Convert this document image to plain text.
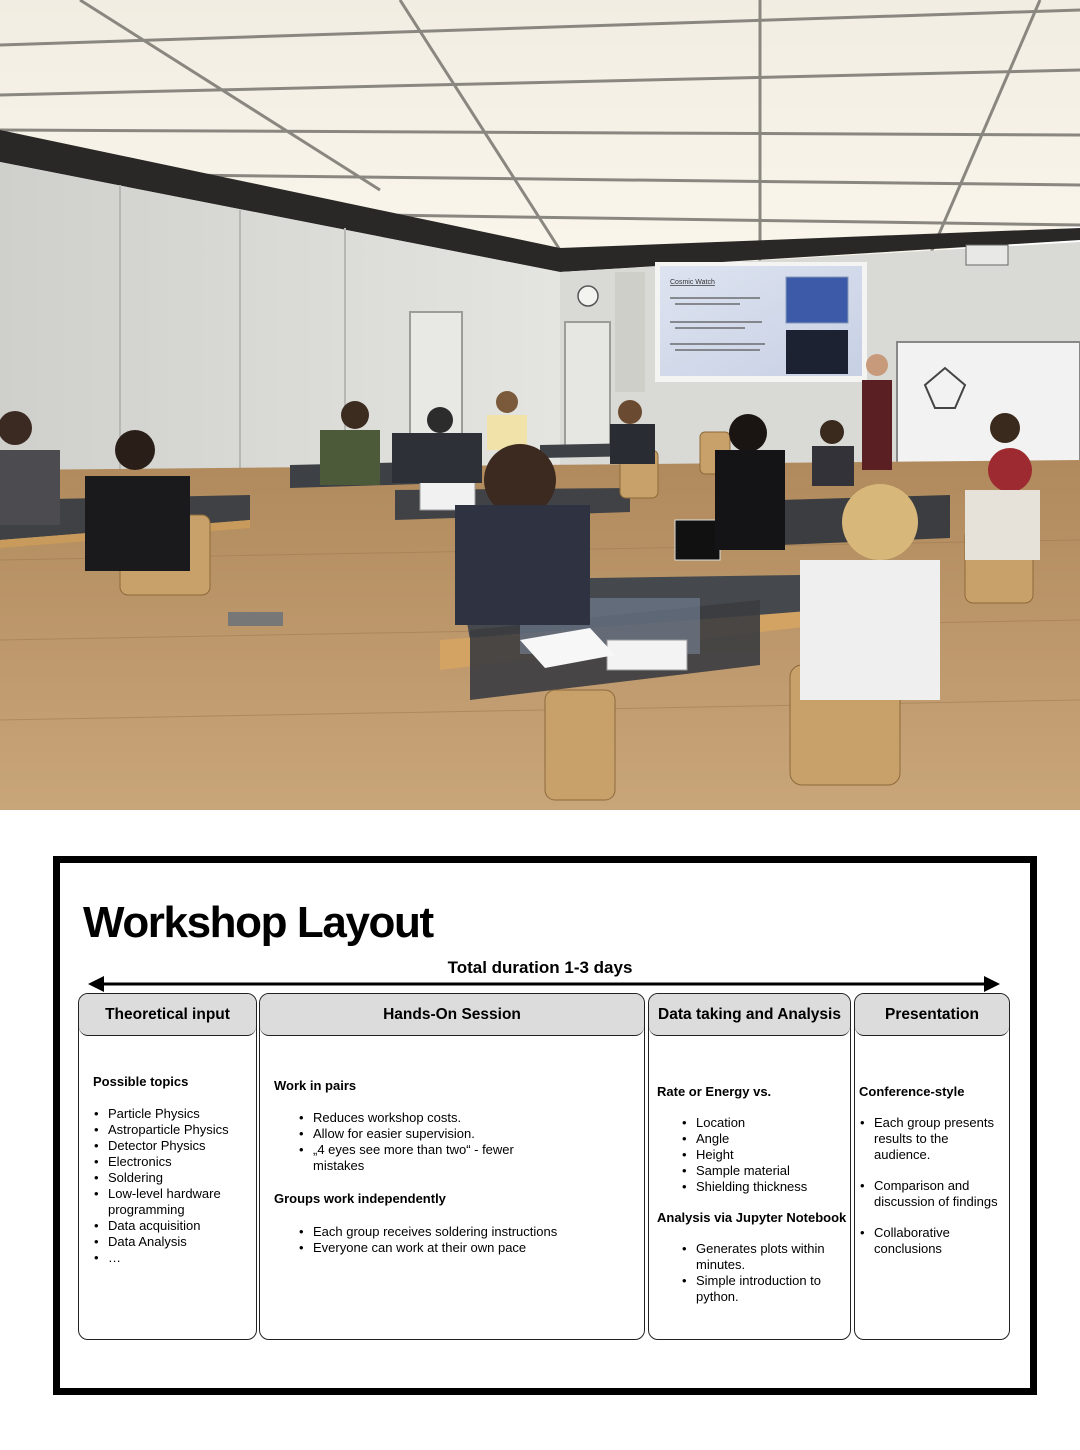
Cosmic Watch
Workshop Layout
Total duration 1-3 days
Theoretical input
Possible topics
• Particle Physics
• Astroparticle Physics
• Detector Physics
• Electronics
• Soldering
• Low-level hardware programming
• Data acquisition
• Data Analysis
• …
Hands-On Session
Work in pairs
• Reduces workshop costs.
• Allow for easier supervision.
• „4 eyes see more than two“ - fewer mistakes
Groups work independently
• Each group receives soldering instructions
• Everyone can work at their own pace
Data taking and Analysis
Rate or Energy vs.
• Location
• Angle
• Height
• Sample material
• Shielding thickness
Analysis via Jupyter Notebook
• Generates plots within minutes.
• Simple introduction to python.
Presentation
Conference-style
• Each group presents results to the audience.
• Comparison and discussion of findings
• Collaborative conclusions
